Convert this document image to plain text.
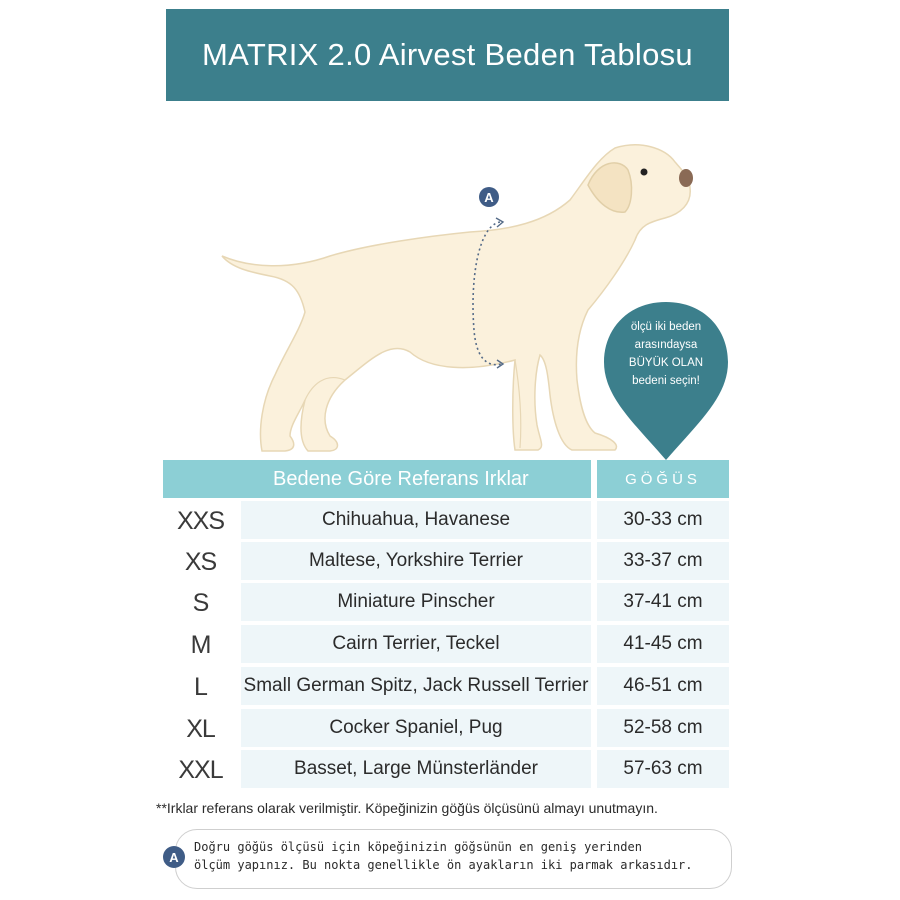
MATRIX 2.0 Airvest Beden Tablosu
A
ölçü iki beden
arasındaysa
BÜYÜK OLAN
bedeni seçin!
Bedene Göre Referans Irklar	GÖĞÜS
XXS	Chihuahua, Havanese	30-33 cm
XS	Maltese, Yorkshire Terrier	33-37 cm
S	Miniature Pinscher	37-41 cm
M	Cairn Terrier, Teckel	41-45 cm
L	Small German Spitz, Jack Russell Terrier	46-51 cm
XL	Cocker Spaniel, Pug	52-58 cm
XXL	Basset, Large Münsterländer	57-63 cm
**Irklar referans olarak verilmiştir. Köpeğinizin göğüs ölçüsünü almayı unutmayın.
A
Doğru göğüs ölçüsü için köpeğinizin göğsünün en geniş yerinden
ölçüm yapınız. Bu nokta genellikle ön ayakların iki parmak arkasıdır.
